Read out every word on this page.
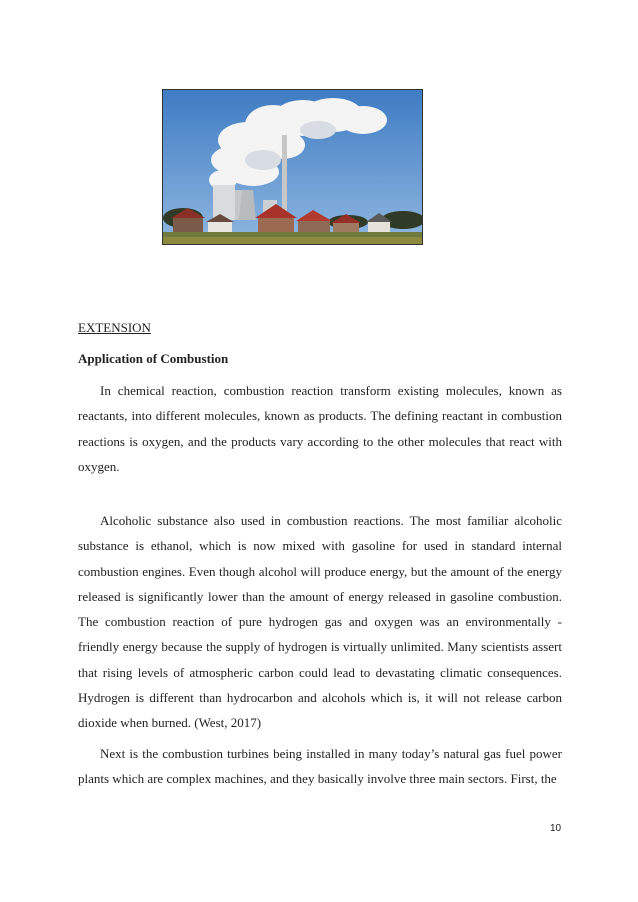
EXTENSION
Application of Combustion

In chemical reaction, combustion reaction transform existing molecules, known as reactants, into different molecules, known as products. The defining reactant in combustion reactions is oxygen, and the products vary according to the other molecules that react with oxygen.

Alcoholic substance also used in combustion reactions. The most familiar alcoholic substance is ethanol, which is now mixed with gasoline for used in standard internal combustion engines. Even though alcohol will produce energy, but the amount of the energy released is significantly lower than the amount of energy released in gasoline combustion. The combustion reaction of pure hydrogen gas and oxygen was an environmentally - friendly energy because the supply of hydrogen is virtually unlimited. Many scientists assert that rising levels of atmospheric carbon could lead to devastating climatic consequences. Hydrogen is different than hydrocarbon and alcohols which is, it will not release carbon dioxide when burned. (West, 2017)

Next is the combustion turbines being installed in many today’s natural gas fuel power plants which are complex machines, and they basically involve three main sectors. First, the

10
